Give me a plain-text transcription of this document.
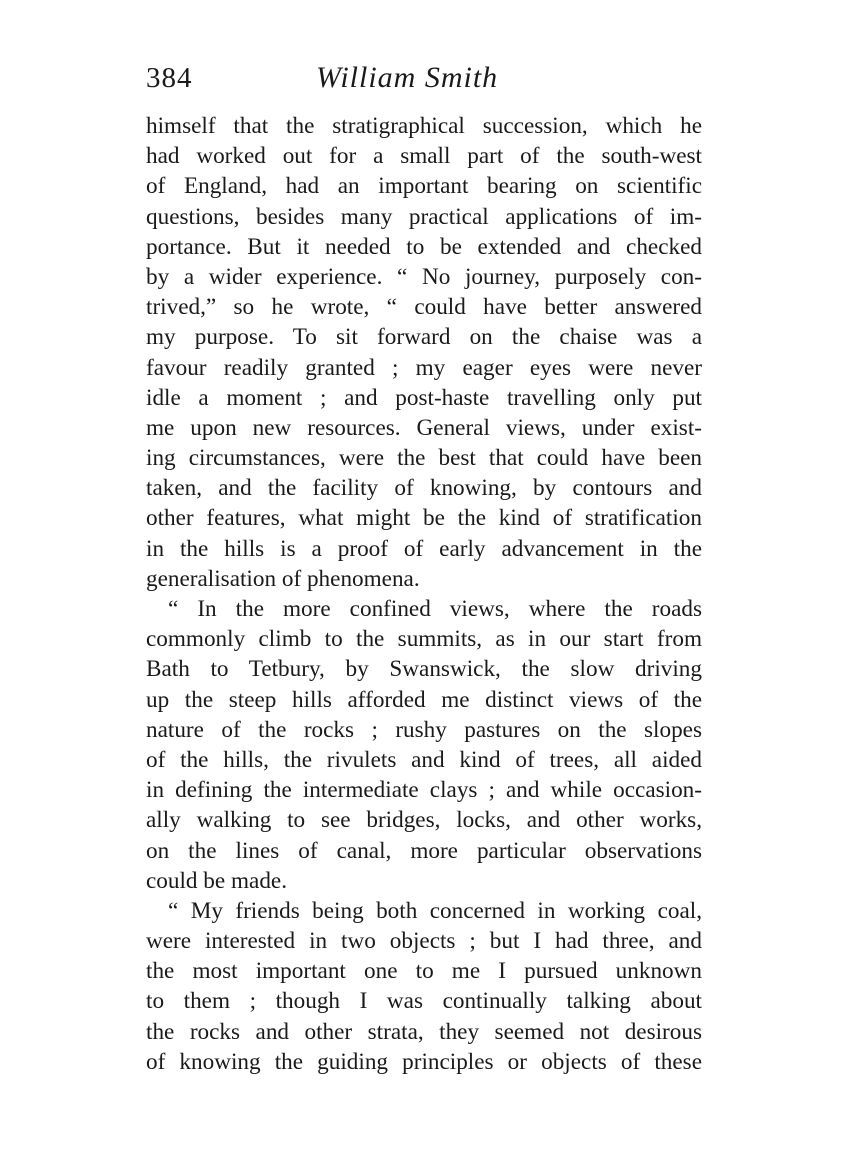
384	William Smith
himself that the stratigraphical succession, which he
had worked out for a small part of the south-west
of England, had an important bearing on scientific
questions, besides many practical applications of im-
portance. But it needed to be extended and checked
by a wider experience. “ No journey, purposely con-
trived,” so he wrote, “ could have better answered
my purpose. To sit forward on the chaise was a
favour readily granted ; my eager eyes were never
idle a moment ; and post-haste travelling only put
me upon new resources. General views, under exist-
ing circumstances, were the best that could have been
taken, and the facility of knowing, by contours and
other features, what might be the kind of stratification
in the hills is a proof of early advancement in the
generalisation of phenomena.
“ In the more confined views, where the roads
commonly climb to the summits, as in our start from
Bath to Tetbury, by Swanswick, the slow driving
up the steep hills afforded me distinct views of the
nature of the rocks ; rushy pastures on the slopes
of the hills, the rivulets and kind of trees, all aided
in defining the intermediate clays ; and while occasion-
ally walking to see bridges, locks, and other works,
on the lines of canal, more particular observations
could be made.
“ My friends being both concerned in working coal,
were interested in two objects ; but I had three, and
the most important one to me I pursued unknown
to them ; though I was continually talking about
the rocks and other strata, they seemed not desirous
of knowing the guiding principles or objects of these
